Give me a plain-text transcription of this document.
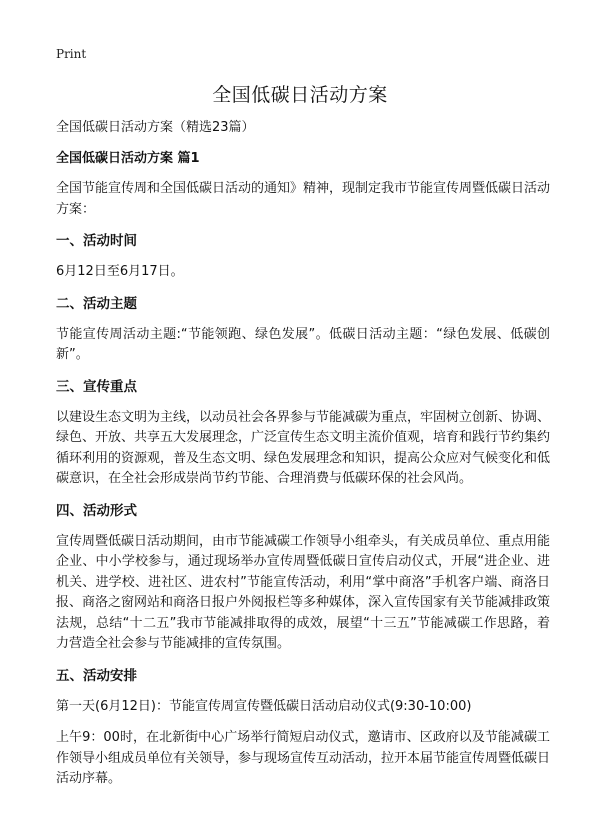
Print
全国低碳日活动方案

全国低碳日活动方案（精选23篇）

全国低碳日活动方案 篇1

全国节能宣传周和全国低碳日活动的通知》精神，现制定我市节能宣传周暨低碳日活动方案：

一、活动时间

6月12日至6月17日。

二、活动主题

节能宣传周活动主题:“节能领跑、绿色发展”。低碳日活动主题：“绿色发展、低碳创新”。

三、宣传重点

以建设生态文明为主线，以动员社会各界参与节能减碳为重点，牢固树立创新、协调、绿色、开放、共享五大发展理念，广泛宣传生态文明主流价值观，培育和践行节约集约循环利用的资源观，普及生态文明、绿色发展理念和知识，提高公众应对气候变化和低碳意识，在全社会形成崇尚节约节能、合理消费与低碳环保的社会风尚。

四、活动形式

宣传周暨低碳日活动期间，由市节能减碳工作领导小组牵头，有关成员单位、重点用能企业、中小学校参与，通过现场举办宣传周暨低碳日宣传启动仪式，开展“进企业、进机关、进学校、进社区、进农村”节能宣传活动，利用“掌中商洛”手机客户端、商洛日报、商洛之窗网站和商洛日报户外阅报栏等多种媒体，深入宣传国家有关节能减排政策法规，总结“十二五”我市节能减排取得的成效，展望“十三五”节能减碳工作思路，着力营造全社会参与节能减排的宣传氛围。

五、活动安排

第一天(6月12日)：节能宣传周宣传暨低碳日活动启动仪式(9:30-10:00)

上午9：00时，在北新街中心广场举行简短启动仪式，邀请市、区政府以及节能减碳工作领导小组成员单位有关领导，参与现场宣传互动活动，拉开本届节能宣传周暨低碳日活动序幕。
